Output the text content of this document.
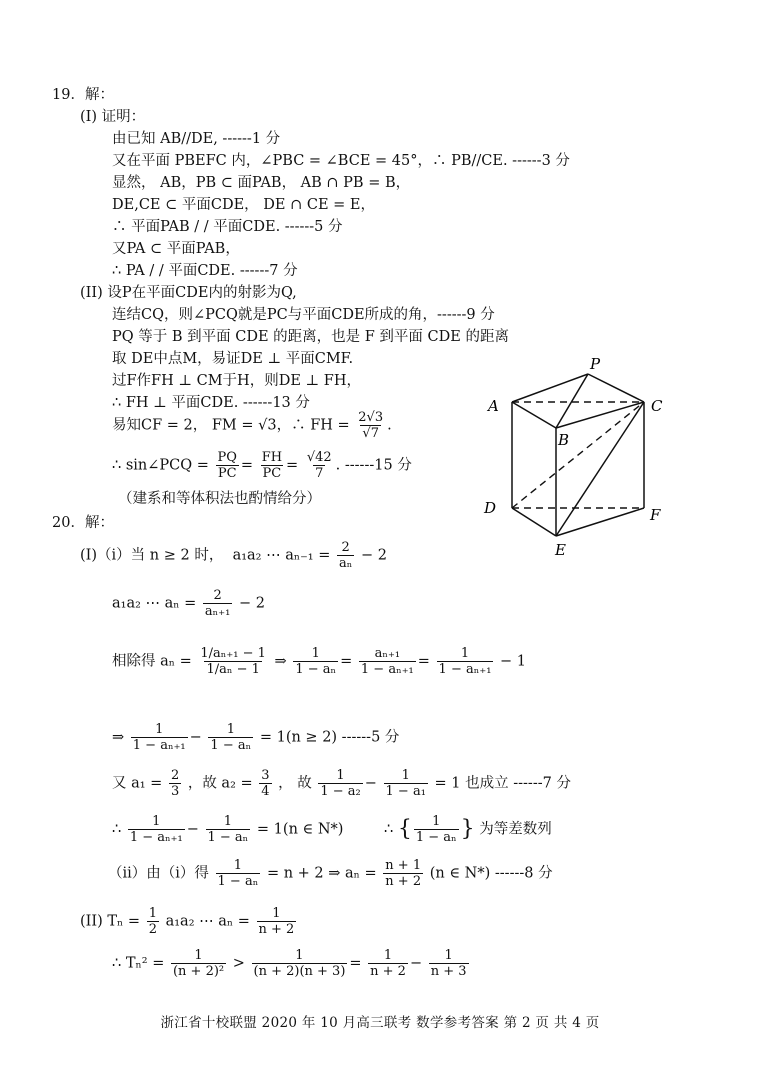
19．解：
(I) 证明：
由已知 AB//DE, ------1 分
又在平面 PBEFC 内，∠PBC = ∠BCE = 45°，∴ PB//CE. ------3 分
显然， AB，PB ⊂ 面PAB， AB ∩ PB = B，
DE,CE ⊂ 平面CDE， DE ∩ CE = E，
∴ 平面PAB / / 平面CDE. ------5 分
又PA ⊂ 平面PAB，
∴ PA / / 平面CDE. ------7 分
(II) 设P在平面CDE内的射影为Q,
连结CQ，则∠PCQ就是PC与平面CDE所成的角，------9 分
PQ 等于 B 到平面 CDE 的距离，也是 F 到平面 CDE 的距离
取 DE中点M，易证DE ⊥ 平面CMF.
过F作FH ⊥ CM于H，则DE ⊥ FH，
∴ FH ⊥ 平面CDE. ------13 分
易知CF = 2， FM = √3，∴ FH = $\frac{2√3}{√7}$ .
∴ sin∠PCQ = $\frac{PQ}{PC} = \frac{FH}{PC} = \frac{√42}{7}$ . ------15 分
（建系和等体积法也酌情给分）
P
A	C
B
D	F
E
20．解：
(I)（i）当 n ≥ 2 时， a₁a₂ ⋯ $a_{n-1} = \frac{2}{\text{aₙ}} - 2$
a₁a₂ ⋯ $a_n = \frac{2}{\text{aₙ₊₁}} - 2$
相除得 $a_n = \frac{\text{1/aₙ₊₁ − 1}}{\text{1/aₙ − 1}}$ ⇒ $\frac{1}{\text{1 − aₙ}} = \frac{\text{aₙ₊₁}}{\text{1 − aₙ₊₁}} = \frac{1}{\text{1 − aₙ₊₁}} - 1$
⇒ $\frac{1}{\text{1 − aₙ₊₁}} - \frac{1}{\text{1 − aₙ}} = 1(n \ge 2)$ ------5 分
又 $a_1 = \frac{2}{3}$ ，故 $a_2 = \frac{3}{4}$ ， 故 $\frac{1}{\text{1 − a₂}} - \frac{1}{\text{1 − a₁}} = 1$ 也成立 ------7 分
∴ $\frac{1}{\text{1 − aₙ₊₁}} - \frac{1}{\text{1 − aₙ}} = 1(n$ ∈ N*)	∴ { $\frac{1}{\text{1 − aₙ}}$ } 为等差数列
（ii）由（i）得 $\frac{1}{\text{1 − aₙ}} = n + 2$ ⇒ $a_n = \frac{n + 1}{n + 2} (n$ ∈ N*) ------8 分
(II) $T_n = \frac{1}{2} a_1a_2$ ⋯ $a_n = \frac{1}{n + 2}$
∴ $T_n^2 = \frac{1}{\text{(n + 2)²}} > \frac{1}{(n + 2)(n + 3)} = \frac{1}{n + 2} - \frac{1}{n + 3}$
浙江省十校联盟 2020 年 10 月高三联考 数学参考答案 第 2 页 共 4 页
